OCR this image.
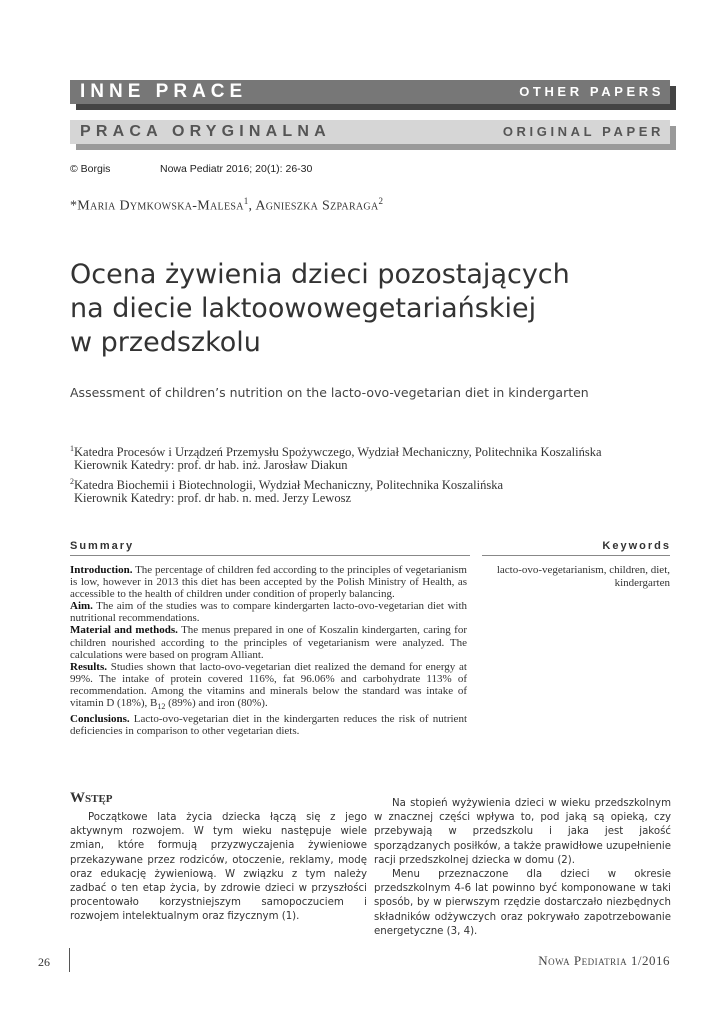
INNE PRACE	OTHER PAPERS
PRACA ORYGINALNA	ORIGINAL PAPER
© Borgis	Nowa Pediatr 2016; 20(1): 26-30
*Maria Dymkowska-Malesa$^1$, Agnieszka Szparaga$^2$
Ocena żywienia dzieci pozostających
na diecie laktoowowegetariańskiej
w przedszkolu
Assessment of children’s nutrition on the lacto-ovo-vegetarian diet in kindergarten
$^1$Katedra Procesów i Urządzeń Przemysłu Spożywczego, Wydział Mechaniczny, Politechnika Koszalińska
Kierownik Katedry: prof. dr hab. inż. Jarosław Diakun
$^2$Katedra Biochemii i Biotechnologii, Wydział Mechaniczny, Politechnika Koszalińska
Kierownik Katedry: prof. dr hab. n. med. Jerzy Lewosz
Summary	Keywords

Introduction. The percentage of children fed according to the principles of vegetarianism is low, however in 2013 this diet has been accepted by the Polish Ministry of Health, as accessible to the health of children under condition of properly balancing.

Aim. The aim of the studies was to compare kindergarten lacto-ovo-vegetarian diet with nutritional recommendations.

Material and methods. The menus prepared in one of Koszalin kindergarten, caring for children nourished according to the principles of vegetarianism were analyzed. The calculations were based on program Alliant.

Results. Studies shown that lacto-ovo-vegetarian diet realized the demand for energy at 99%. The intake of protein covered 116%, fat 96.06% and carbohydrate 113% of recommendation. Among the vitamins and minerals below the standard was intake of vitamin D (18%), $B_{12}$ (89%) and iron (80%).

Conclusions. Lacto-ovo-vegetarian diet in the kindergarten reduces the risk of nutrient deficiencies in comparison to other vegetarian diets.

lacto-ovo-vegetarianism, children, diet, kindergarten
Wstęp

Początkowe lata życia dziecka łączą się z jego aktywnym rozwojem. W tym wieku następuje wiele zmian, które formują przyzwyczajenia żywieniowe przekazywane przez rodziców, otoczenie, reklamy, modę oraz edukację żywieniową. W związku z tym należy zadbać o ten etap życia, by zdrowie dzieci w przyszłości procentowało korzystniejszym samopoczuciem i rozwojem intelektualnym oraz fizycznym (1).

Na stopień wyżywienia dzieci w wieku przedszkolnym w znacznej części wpływa to, pod jaką są opieką, czy przebywają w przedszkolu i jaka jest jakość sporządzanych posiłków, a także prawidłowe uzupełnienie racji przedszkolnej dziecka w domu (2).

Menu przeznaczone dla dzieci w okresie przedszkolnym 4-6 lat powinno być komponowane w taki sposób, by w pierwszym rzędzie dostarczało niezbędnych składników odżywczych oraz pokrywało zapotrzebowanie energetyczne (3, 4).

26	Nowa Pediatria 1/2016
